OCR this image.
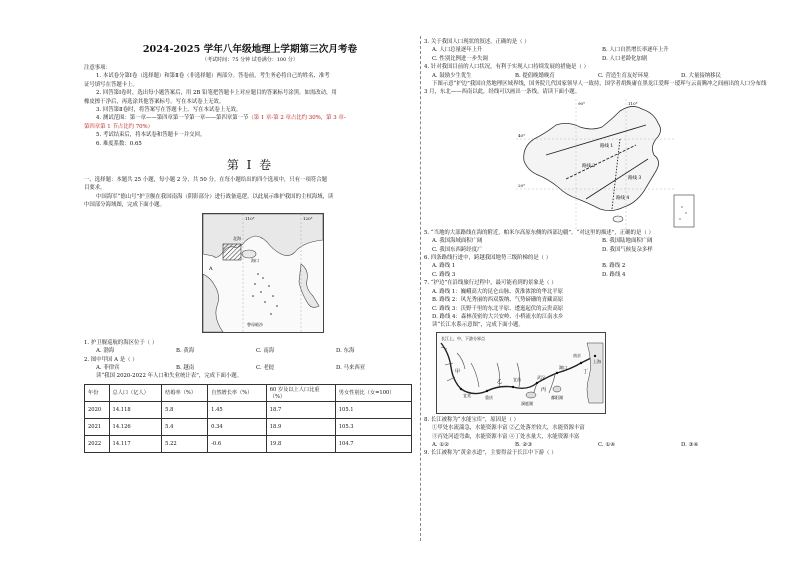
2024-2025 学年八年级地理上学期第三次月考卷
（考试时间：75 分钟 试卷满分：100 分）
注意事项：
1. 本试卷分第Ⅰ卷（选择题）和第Ⅱ卷（非选择题）两部分。答卷前，考生务必将自己的姓名、准考
证号填写在答题卡上。
2. 回答第Ⅰ卷时，选出每小题答案后，用 2B 铅笔把答题卡上对应题目的答案标号涂黑。如需改动，用
橡皮擦干净后，再选涂其他答案标号。写在本试卷上无效。
3. 回答第Ⅱ卷时，将答案写在答题卡上。写在本试卷上无效。
4. 测试范围：第一章——第四章第一节第一章——第四章第一节（第 1 章-第 2 章占比约 30%，第 3 章-
第四章第 1 节占比约 70%）
5. 考试结束后，将本试卷和答题卡一并交回。
6. 难度系数：0.65
第 Ⅰ 卷
一、选择题：本题共 25 小题，每小题 2 分，共 50 分。在每小题给出的四个选项中，只有一项符合题
目要求。
中国海军“德山号”护卫舰在我国南海（阴影部分）进行战备巡逻。以此展示维护我国的主权海域，读
中国部分海域图，完成下面小题。
110°	120°
北海
海口
曾母暗沙
A
1. 护卫舰巡航的海区位于（ ）
A. 渤海	B. 黄海	C. 南海	D. 东海
2. 图中甲国 A 是（ ）
A. 菲律宾	B. 越南	C. 老挝	D. 马来西亚
读“我国 2020-2022 年人口和失业统计表”，完成下面小题。
年份	总人口（亿人）	结婚率（%）	自然增长率（%）	60 岁及以上人口比重（%）	男女性别比（女=100）
2020	14.118	5.8	1.45	18.7	105.1
2021	14.126	5.4	0.34	18.9	105.3
2022	14.117	5.22	-0.6	19.8	104.7
3. 关于我国人口现状的叙述，正确的是（ ）
A. 人口总量逐年上升	B. 人口自然增长率逐年上升
C. 性别比例进一步失调	D. 人口老龄化加剧
4. 针对我国目前的人口状况，有利于实现人口持续发展的措施是（ ）
A. 鼓励少生优生	B. 提倡晚婚晚育	C. 营造生育友好环境	D. 大量接纳移民
下图示意“护边”我国自然地理区域界线，国务院几代国家领导人一致持，国学者胡焕庸在黑龙江爱辉一瑷珲与云南腾冲之间画出的人口分布线
3 月，东北——西南以此，经线可以画出一条线。请读下面小题。
路线 1
路线 2
路线 3
路线 4
40°
110°
90°
20°
5. “当地的大部路线在海的附近，帕米尔高原东侧的西部边疆”。“对这里的描述”，正确的是（ ）
A. 我国海域面积广阔	B. 我国陆地面积广阔
C. 我国东西跨经度广	D. 我国气候复杂多样
6. 四条路线行进中，跨越我国地势三级阶梯的是（ ）
A. 路线 1	B. 路线 2
C. 路线 3	D. 路线 4
7. “护边”在沿线旅行过程中，最可能看到的景象是（ ）
A. 路线 1：巍峨高大的昆仑山脉、黄淮浓浓的华北平原
B. 路线 2：风光秀丽的西双版纳、气势磅礴的青藏高原
C. 路线 3：沃野千里的东北平原、逶迤起伏的云贵高原
D. 路线 4：森林茂密的大兴安岭、小桥流水的江南水乡
读“长江水系示意图”，完成下面小题。
长江上、中、下游分界点
宜宾
宜昌
重庆
武汉
湖口
上海
南京
洞庭湖
鄱阳湖
甲
乙
丙
丁
8. 长江被称为“水能宝库”，原因是（ ）
①甲处水流湍急，水能资源丰富 ②乙处落差较大，水能资源丰富
③丙处河道弯曲，水能资源丰富 ④丁处水量大，水能资源丰富
A. ①②	B. ②③	C. ①④	D. ③④
9. 长江被称为“黄金水道”，主要得益于长江中下游（ ）
